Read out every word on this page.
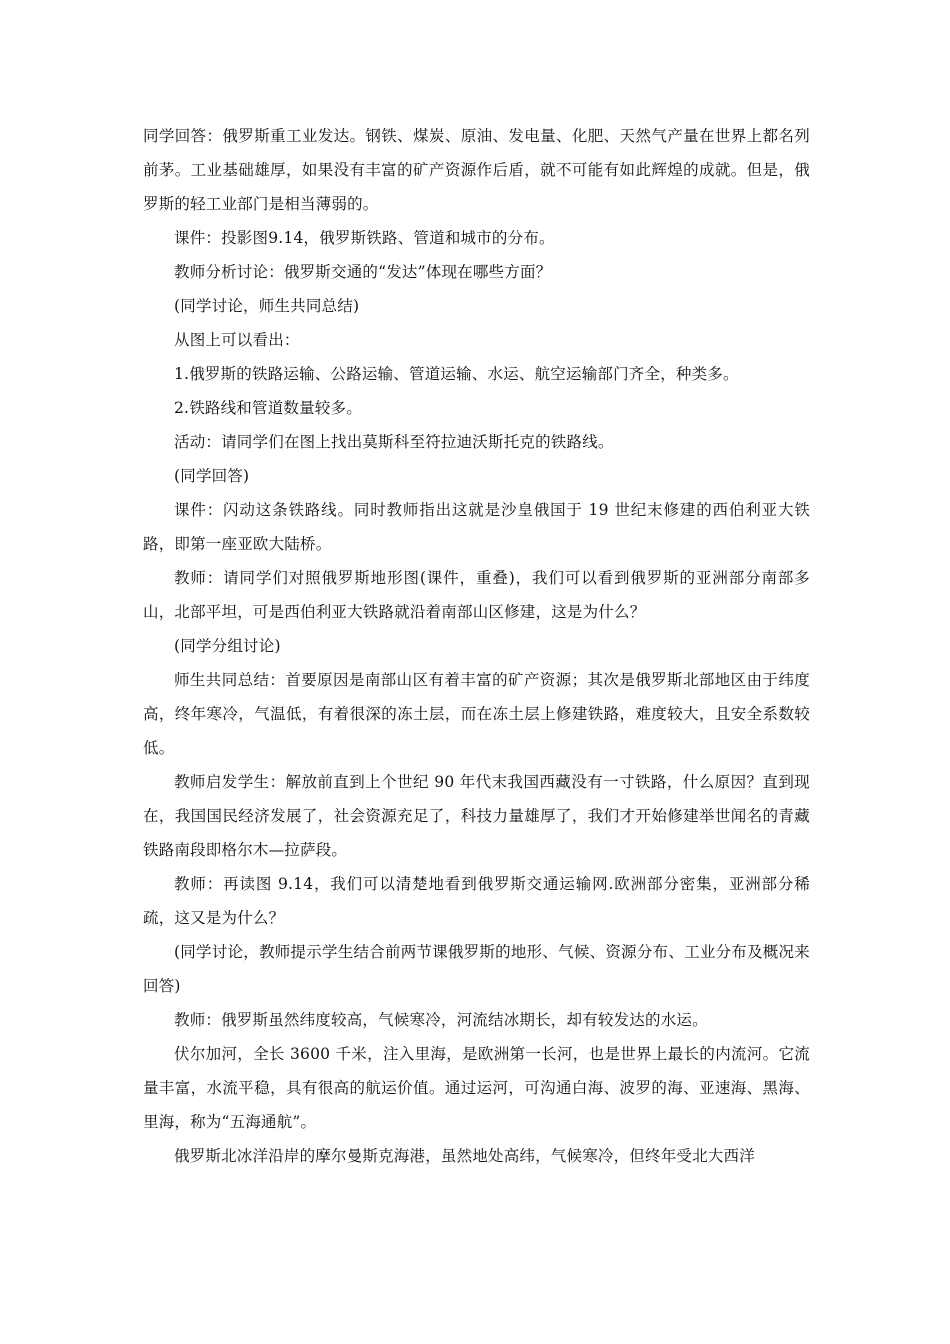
同学回答：俄罗斯重工业发达。钢铁、煤炭、原油、发电量、化肥、天然气产量在世界上都名列前茅。工业基础雄厚，如果没有丰富的矿产资源作后盾，就不可能有如此辉煌的成就。但是，俄罗斯的轻工业部门是相当薄弱的。

课件：投影图9.14，俄罗斯铁路、管道和城市的分布。

教师分析讨论：俄罗斯交通的“发达”体现在哪些方面？

(同学讨论，师生共同总结)

从图上可以看出：

1.俄罗斯的铁路运输、公路运输、管道运输、水运、航空运输部门齐全，种类多。

2.铁路线和管道数量较多。

活动：请同学们在图上找出莫斯科至符拉迪沃斯托克的铁路线。

(同学回答)

课件：闪动这条铁路线。同时教师指出这就是沙皇俄国于 19 世纪末修建的西伯利亚大铁路，即第一座亚欧大陆桥。

教师：请同学们对照俄罗斯地形图(课件，重叠)，我们可以看到俄罗斯的亚洲部分南部多山，北部平坦，可是西伯利亚大铁路就沿着南部山区修建，这是为什么？

(同学分组讨论)

师生共同总结：首要原因是南部山区有着丰富的矿产资源；其次是俄罗斯北部地区由于纬度高，终年寒冷，气温低，有着很深的冻土层，而在冻土层上修建铁路，难度较大，且安全系数较低。

教师启发学生：解放前直到上个世纪 90 年代末我国西藏没有一寸铁路，什么原因？直到现在，我国国民经济发展了，社会资源充足了，科技力量雄厚了，我们才开始修建举世闻名的青藏铁路南段即格尔木—拉萨段。

教师：再读图 9.14，我们可以清楚地看到俄罗斯交通运输网.欧洲部分密集，亚洲部分稀疏，这又是为什么？

(同学讨论，教师提示学生结合前两节课俄罗斯的地形、气候、资源分布、工业分布及概况来回答)

教师：俄罗斯虽然纬度较高，气候寒冷，河流结冰期长，却有较发达的水运。

伏尔加河，全长 3600 千米，注入里海，是欧洲第一长河，也是世界上最长的内流河。它流量丰富，水流平稳，具有很高的航运价值。通过运河，可沟通白海、波罗的海、亚速海、黑海、里海，称为“五海通航”。

俄罗斯北冰洋沿岸的摩尔曼斯克海港，虽然地处高纬，气候寒冷，但终年受北大西洋
